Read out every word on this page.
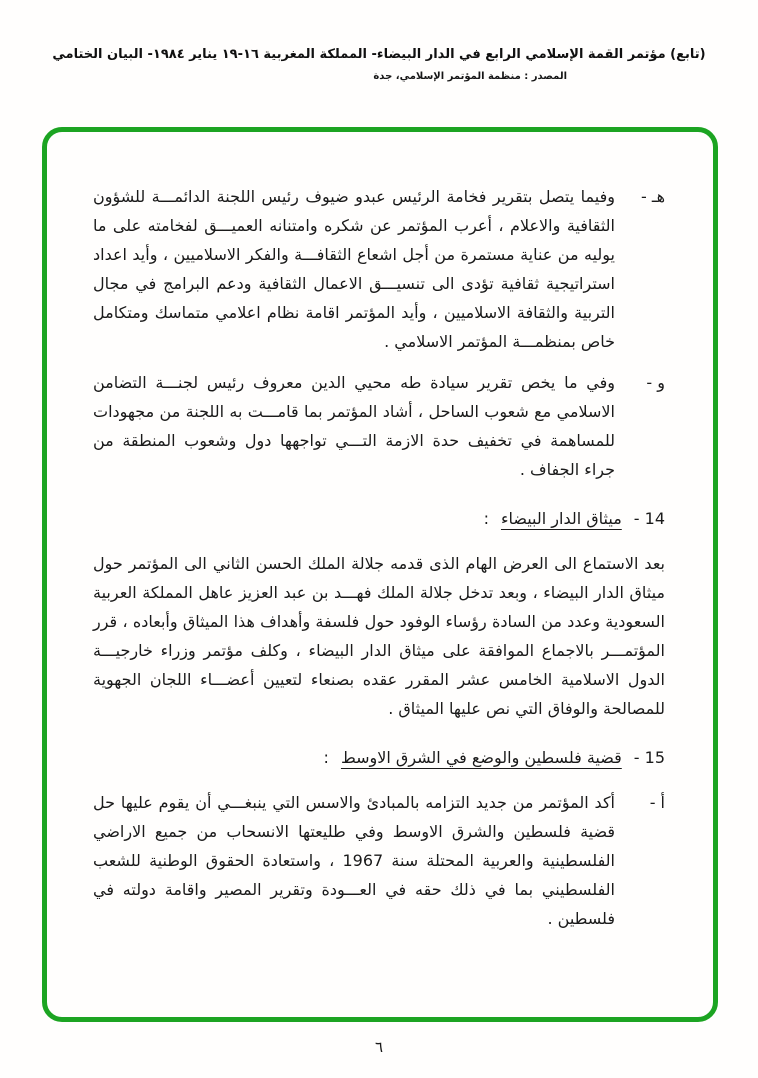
(تابع) مؤتمر القمة الإسلامي الرابع في الدار البيضاء- المملكة المغربية ١٦-١٩ يناير ١٩٨٤- البيان الختامي
المصدر : منظمة المؤتمر الإسلامي، جدة
هـ -

وفيما يتصل بتقرير فخامة الرئيس عبدو ضيوف رئيس اللجنة الدائمـــة للشؤون الثقافية والاعلام ، أعرب المؤتمر عن شكره وامتنانه العميـــق لفخامته على ما يوليه من عناية مستمرة من أجل اشعاع الثقافـــة والفكر الاسلاميين ، وأيد اعداد استراتيجية ثقافية تؤدى الى تنسيـــق الاعمال الثقافية ودعم البرامج في مجال التربية والثقافة الاسلاميين ، وأيد المؤتمر اقامة نظام اعلامي متماسك ومتكامل خاص بمنظمـــة المؤتمر الاسلامي .

و -

وفي ما يخص تقرير سيادة طه محيي الدين معروف رئيس لجنـــة التضامن الاسلامي مع شعوب الساحل ، أشاد المؤتمر بما قامـــت به اللجنة من مجهودات للمساهمة في تخفيف حدة الازمة التـــي تواجهها دول وشعوب المنطقة من جراء الجفاف .

14 -
ميثاق الدار البيضاء
:

بعد الاستماع الى العرض الهام الذى قدمه جلالة الملك الحسن الثاني الى المؤتمر حول ميثاق الدار البيضاء ، وبعد تدخل جلالة الملك فهـــد بن عبد العزيز عاهل المملكة العربية السعودية وعدد من السادة رؤساء الوفود حول فلسفة وأهداف هذا الميثاق وأبعاده ، قرر المؤتمـــر بالاجماع الموافقة على ميثاق الدار البيضاء ، وكلف مؤتمر وزراء خارجيـــة الدول الاسلامية الخامس عشر المقرر عقده بصنعاء لتعيين أعضـــاء اللجان الجهوية للمصالحة والوفاق التي نص عليها الميثاق .

15 -
قضية فلسطين والوضع في الشرق الاوسط
:
أ -

أكد المؤتمر من جديد التزامه بالمبادئ والاسس التي ينبغـــي أن يقوم عليها حل قضية فلسطين والشرق الاوسط وفي طليعتها الانسحاب من جميع الاراضي الفلسطينية والعربية المحتلة سنة 1967 ، واستعادة الحقوق الوطنية للشعب الفلسطيني بما في ذلك حقه في العـــودة وتقرير المصير واقامة دولته في فلسطين .

٦
